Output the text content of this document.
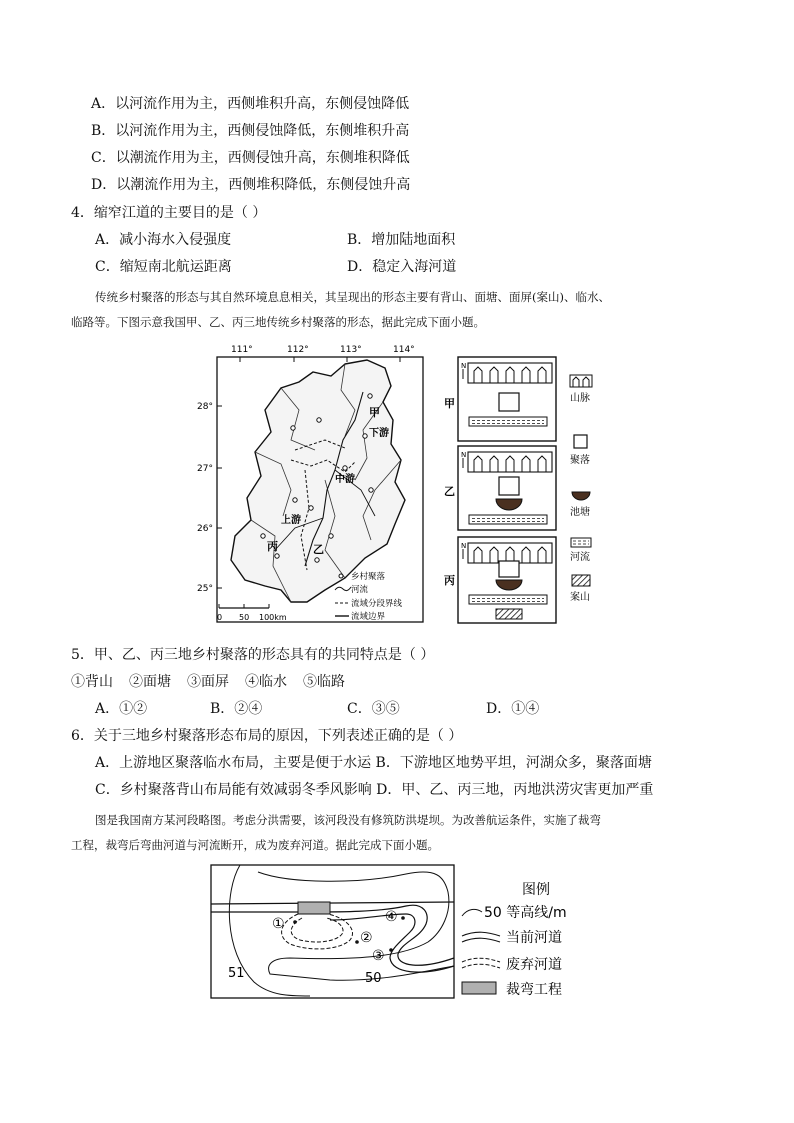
A．以河流作用为主，西侧堆积升高，东侧侵蚀降低
B．以河流作用为主，西侧侵蚀降低，东侧堆积升高
C．以潮流作用为主，西侧侵蚀升高，东侧堆积降低
D．以潮流作用为主，西侧堆积降低，东侧侵蚀升高
4．缩窄江道的主要目的是（ ）
A．减小海水入侵强度	B．增加陆地面积
C．缩短南北航运距离	D．稳定入海河道
传统乡村聚落的形态与其自然环境息息相关，其呈现出的形态主要有背山、面塘、面屏(案山)、临水、
临路等。下图示意我国甲、乙、丙三地传统乡村聚落的形态，据此完成下面小题。
111°	112°	113°	114°
28°
27°
26°
25°
甲
下游
中游
上游
乙
丙
乡村聚落
河流
流域分段界线
流域边界
0 50 100km
甲
乙
丙
N
N
N
山脉
聚落
池塘
河流
案山
5．甲、乙、丙三地乡村聚落的形态具有的共同特点是（ ）
①背山 ②面塘 ③面屏 ④临水 ⑤临路
A．①②	B．②④	C．③⑤	D．①④
6．关于三地乡村聚落形态布局的原因，下列表述正确的是（ ）
A．上游地区聚落临水布局，主要是便于水运 B．下游地区地势平坦，河湖众多，聚落面塘
C．乡村聚落背山布局能有效减弱冬季风影响 D．甲、乙、丙三地，丙地洪涝灾害更加严重
图是我国南方某河段略图。考虑分洪需要，该河段没有修筑防洪堤坝。为改善航运条件，实施了裁弯
工程，裁弯后弯曲河道与河流断开，成为废弃河道。据此完成下面小题。
①
②
③
④
51	50
图例
50 等高线/m
当前河道
废弃河道
裁弯工程
